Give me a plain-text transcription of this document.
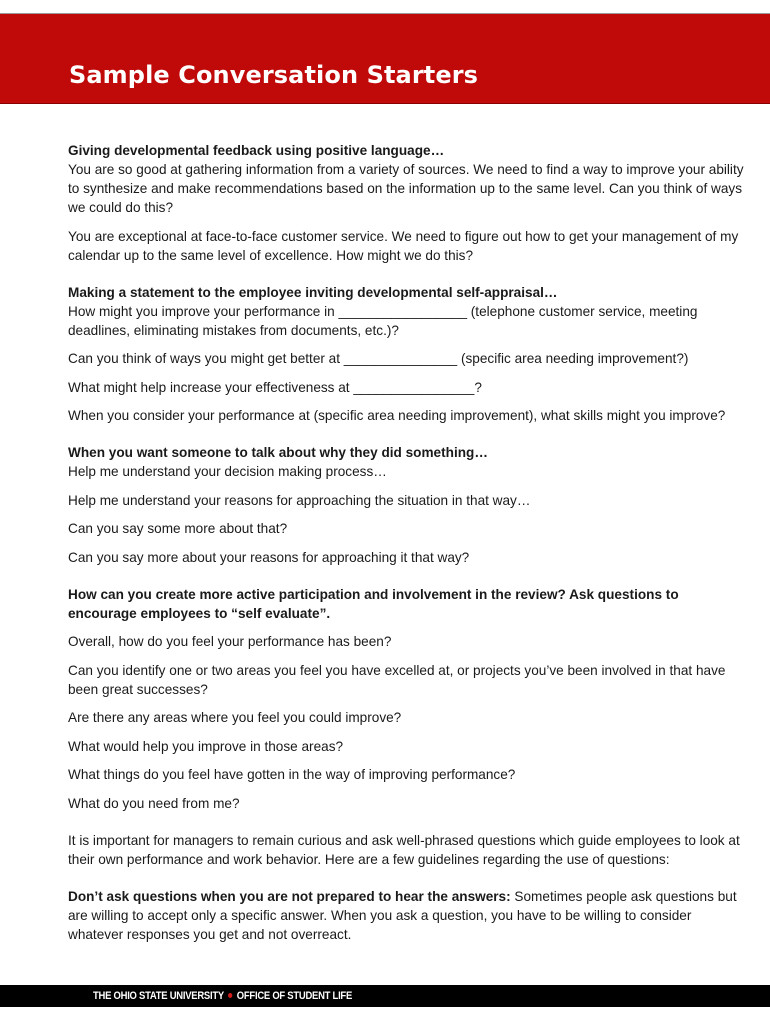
Sample Conversation Starters
Giving developmental feedback using positive language…

You are so good at gathering information from a variety of sources. We need to find a way to improve your ability to synthesize and make recommendations based on the information up to the same level. Can you think of ways we could do this?

You are exceptional at face-to-face customer service. We need to figure out how to get your management of my calendar up to the same level of excellence. How might we do this?

Making a statement to the employee inviting developmental self-appraisal…

How might you improve your performance in _________________ (telephone customer service, meeting deadlines, eliminating mistakes from documents, etc.)?

Can you think of ways you might get better at _______________ (specific area needing improvement?)

What might help increase your effectiveness at ________________?

When you consider your performance at (specific area needing improvement), what skills might you improve?

When you want someone to talk about why they did something…

Help me understand your decision making process…

Help me understand your reasons for approaching the situation in that way…

Can you say some more about that?

Can you say more about your reasons for approaching it that way?

How can you create more active participation and involvement in the review? Ask questions to encourage employees to “self evaluate”.

Overall, how do you feel your performance has been?

Can you identify one or two areas you feel you have excelled at, or projects you’ve been involved in that have been great successes?

Are there any areas where you feel you could improve?

What would help you improve in those areas?

What things do you feel have gotten in the way of improving performance?

What do you need from me?

It is important for managers to remain curious and ask well-phrased questions which guide employees to look at their own performance and work behavior. Here are a few guidelines regarding the use of questions:

Don’t ask questions when you are not prepared to hear the answers: Sometimes people ask questions but are willing to accept only a specific answer. When you ask a question, you have to be willing to consider whatever responses you get and not overreact.

THE OHIO STATE UNIVERSITY OFFICE OF STUDENT LIFE
